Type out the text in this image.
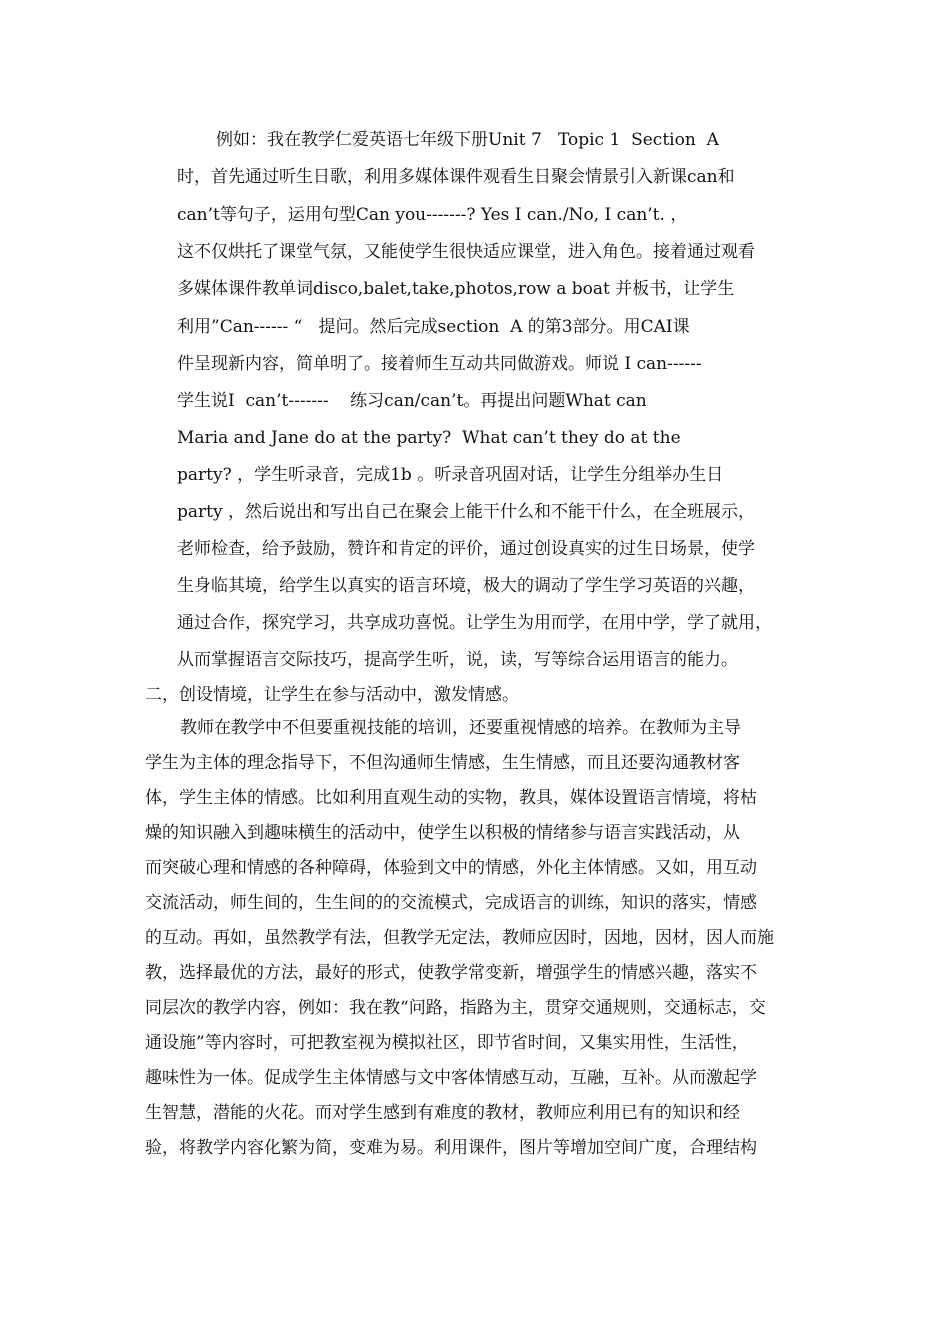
例如：我在教学仁爱英语七年级下册Unit 7   Topic 1  Section  A
时，首先通过听生日歌，利用多媒体课件观看生日聚会情景引入新课can和
can’t等句子，运用句型Can you-------? Yes I can./No, I can’t. ，
这不仅烘托了课堂气氛，又能使学生很快适应课堂，进入角色。接着通过观看
多媒体课件教单词disco,balet,take,photos,row a boat 并板书，让学生
利用”Can------ “   提问。然后完成section  A 的第3部分。用CAI课
件呈现新内容，简单明了。接着师生互动共同做游戏。师说 I can------
学生说I  can’t-------    练习can/can’t。再提出问题What can
Maria and Jane do at the party?  What can’t they do at the
party? ，学生听录音，完成1b 。听录音巩固对话，让学生分组举办生日
party ，然后说出和写出自己在聚会上能干什么和不能干什么，在全班展示，
老师检查，给予鼓励，赞许和肯定的评价，通过创设真实的过生日场景，使学
生身临其境，给学生以真实的语言环境，极大的调动了学生学习英语的兴趣，
通过合作，探究学习，共享成功喜悦。让学生为用而学，在用中学，学了就用，
从而掌握语言交际技巧，提高学生听，说，读，写等综合运用语言的能力。
二，创设情境，让学生在参与活动中，激发情感。
教师在教学中不但要重视技能的培训，还要重视情感的培养。在教师为主导
学生为主体的理念指导下，不但沟通师生情感，生生情感，而且还要沟通教材客
体，学生主体的情感。比如利用直观生动的实物，教具，媒体设置语言情境，将枯
燥的知识融入到趣味横生的活动中，使学生以积极的情绪参与语言实践活动，从
而突破心理和情感的各种障碍，体验到文中的情感，外化主体情感。又如，用互动
交流活动，师生间的，生生间的的交流模式，完成语言的训练，知识的落实，情感
的互动。再如，虽然教学有法，但教学无定法，教师应因时，因地，因材，因人而施
教，选择最优的方法，最好的形式，使教学常变新，增强学生的情感兴趣，落实不
同层次的教学内容，例如：我在教“问路，指路为主，贯穿交通规则，交通标志，交
通设施”等内容时，可把教室视为模拟社区，即节省时间，又集实用性，生活性，
趣味性为一体。促成学生主体情感与文中客体情感互动，互融，互补。从而激起学
生智慧，潜能的火花。而对学生感到有难度的教材，教师应利用已有的知识和经
验，将教学内容化繁为简，变难为易。利用课件，图片等增加空间广度，合理结构
